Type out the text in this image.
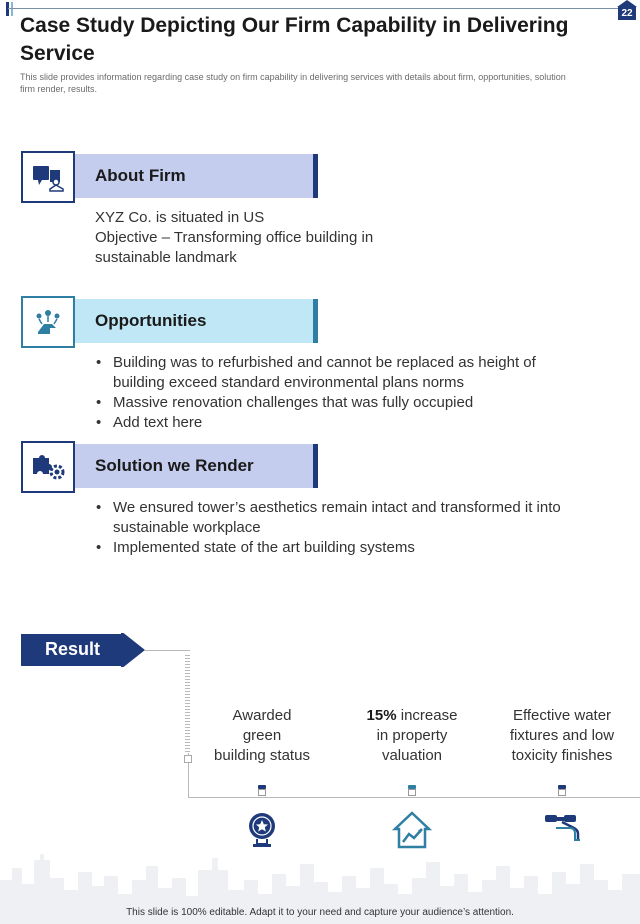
22
Case Study Depicting Our Firm Capability in Delivering Service
This slide provides information regarding case study on firm capability in delivering services with details about firm, opportunities, solution firm render, results.
About Firm
XYZ Co. is situated in US
Objective – Transforming office building in
sustainable landmark
Opportunities
• Building was to refurbished and cannot be replaced as height of
building exceed standard environmental plans norms
• Massive renovation challenges that was fully occupied
• Add text here
Solution we Render
• We ensured tower’s aesthetics remain intact and transformed it into
sustainable workplace
• Implemented state of the art building systems
Result
Awarded
green
building status
15% increase
in property
valuation
Effective water
fixtures and low
toxicity finishes
This slide is 100% editable. Adapt it to your need and capture your audience’s attention.
